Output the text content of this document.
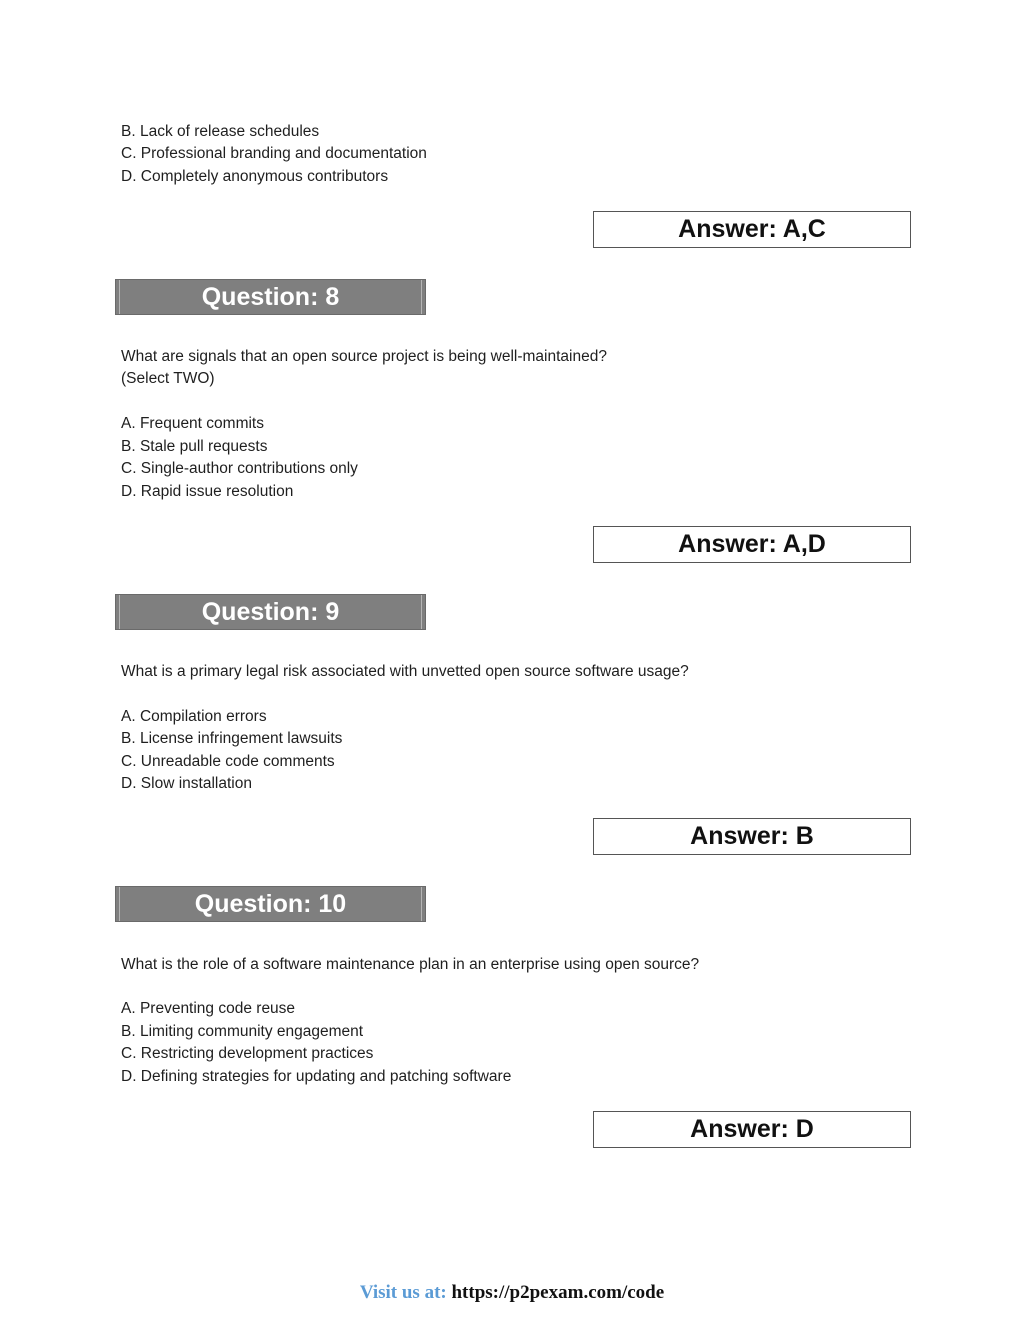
B. Lack of release schedules
C. Professional branding and documentation
D. Completely anonymous contributors
Answer: A,C
Question: 8
What are signals that an open source project is being well-maintained?
(Select TWO)
A. Frequent commits
B. Stale pull requests
C. Single-author contributions only
D. Rapid issue resolution
Answer: A,D
Question: 9
What is a primary legal risk associated with unvetted open source software usage?
A. Compilation errors
B. License infringement lawsuits
C. Unreadable code comments
D. Slow installation
Answer: B
Question: 10
What is the role of a software maintenance plan in an enterprise using open source?
A. Preventing code reuse
B. Limiting community engagement
C. Restricting development practices
D. Defining strategies for updating and patching software
Answer: D
Visit us at: https://p2pexam.com/code
